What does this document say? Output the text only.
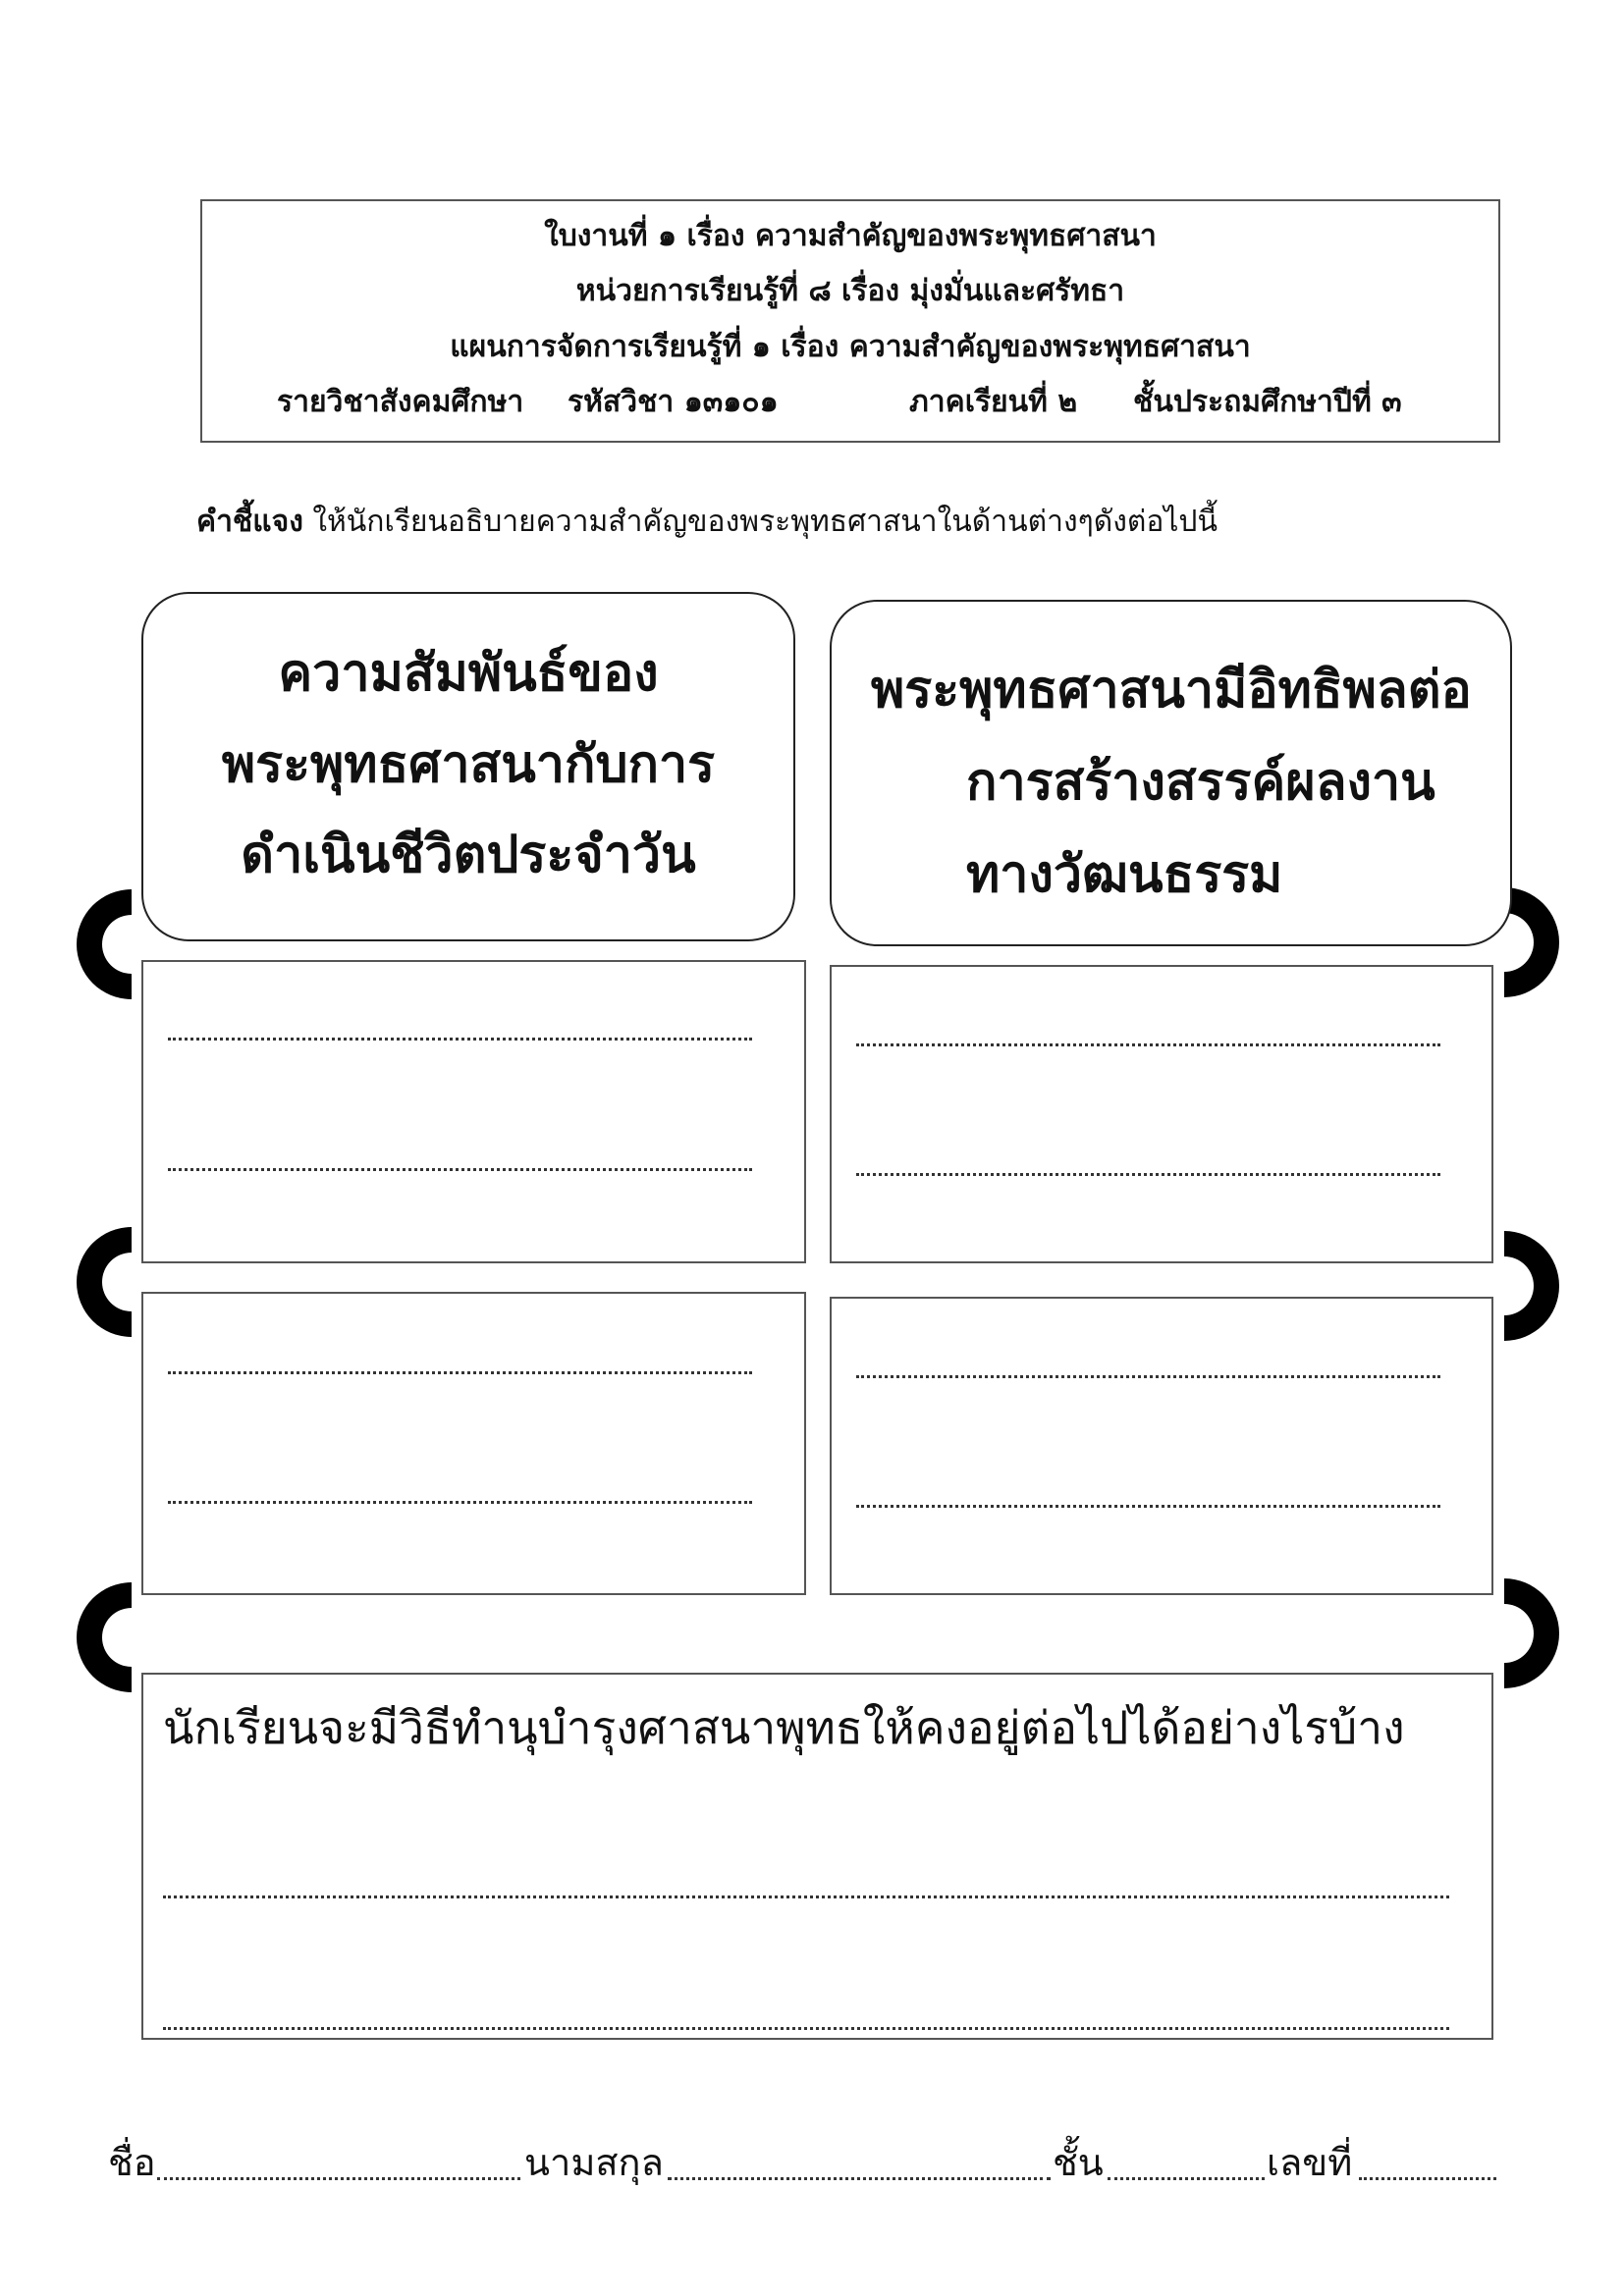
ใบงานที่ ๑ เรื่อง ความสำคัญของพระพุทธศาสนา
หน่วยการเรียนรู้ที่ ๘ เรื่อง มุ่งมั่นและศรัทธา
แผนการจัดการเรียนรู้ที่ ๑ เรื่อง ความสำคัญของพระพุทธศาสนา
รายวิชาสังคมศึกษา รหัสวิชา ๑๓๑๐๑	ภาคเรียนที่ ๒ ชั้นประถมศึกษาปีที่ ๓
คำชี้แจง ให้นักเรียนอธิบายความสำคัญของพระพุทธศาสนาในด้านต่างๆดังต่อไปนี้
ความสัมพันธ์ของ
พระพุทธศาสนากับการ
ดำเนินชีวิตประจำวัน
พระพุทธศาสนามีอิทธิพลต่อ
การสร้างสรรค์ผลงาน
ทางวัฒนธรรม
นักเรียนจะมีวิธีทำนุบำรุงศาสนาพุทธให้คงอยู่ต่อไปได้อย่างไรบ้าง
ชื่อ	นามสกุล	ชั้น	เลขที่
